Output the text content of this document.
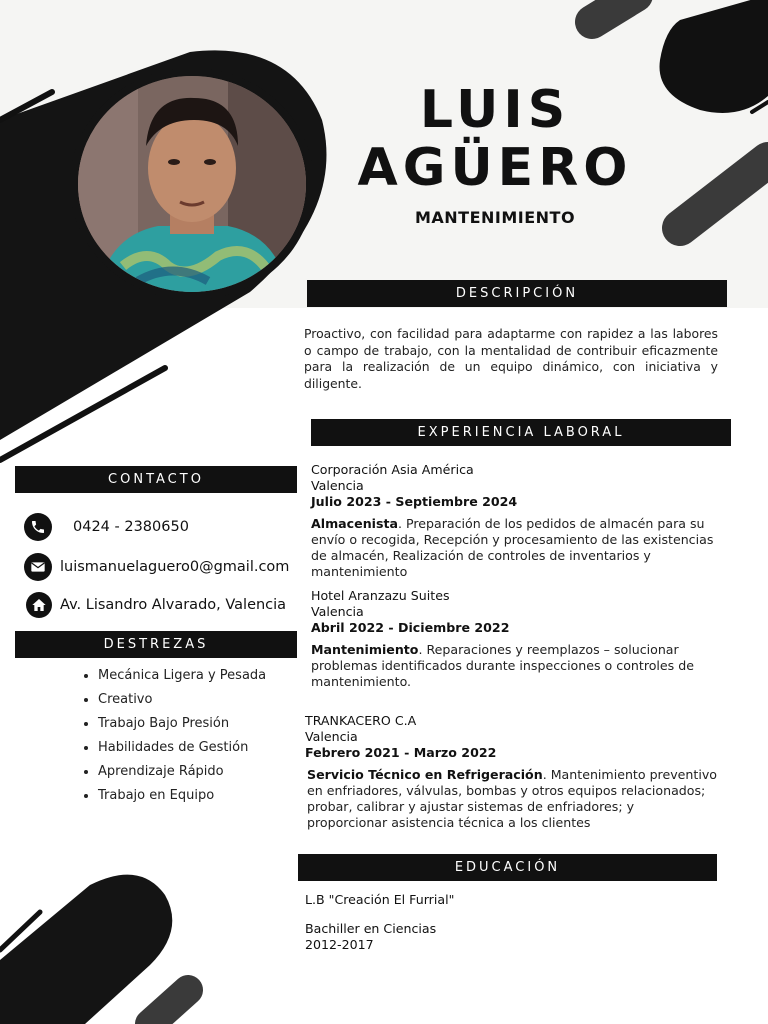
LUIS
AGÜERO
MANTENIMIENTO
DESCRIPCIÓN

Proactivo, con facilidad para adaptarme con rapidez a las labores o campo de trabajo, con la mentalidad de contribuir eficazmente para la realización de un equipo dinámico, con iniciativa y diligente.

EXPERIENCIA LABORAL

Corporación Asia América

Valencia

Julio 2023 - Septiembre 2024

Almacenista. Preparación de los pedidos de almacén para su envío o recogida, Recepción y procesamiento de las existencias de almacén, Realización de controles de inventarios y mantenimiento

Hotel Aranzazu Suites

Valencia

Abril 2022 - Diciembre 2022

Mantenimiento. Reparaciones y reemplazos – solucionar problemas identificados durante inspecciones o controles de mantenimiento.

TRANKACERO C.A

Valencia

Febrero 2021 - Marzo 2022

Servicio Técnico en Refrigeración. Mantenimiento preventivo en enfriadores, válvulas, bombas y otros equipos relacionados; probar, calibrar y ajustar sistemas de enfriadores; y proporcionar asistencia técnica a los clientes

CONTACTO
0424 - 2380650
luismanuelaguero0@gmail.com
Av. Lisandro Alvarado, Valencia
DESTREZAS
• Mecánica Ligera y Pesada
• Creativo
• Trabajo Bajo Presión
• Habilidades de Gestión
• Aprendizaje Rápido
• Trabajo en Equipo
EDUCACIÓN

L.B "Creación El Furrial"

Bachiller en Ciencias

2012-2017
